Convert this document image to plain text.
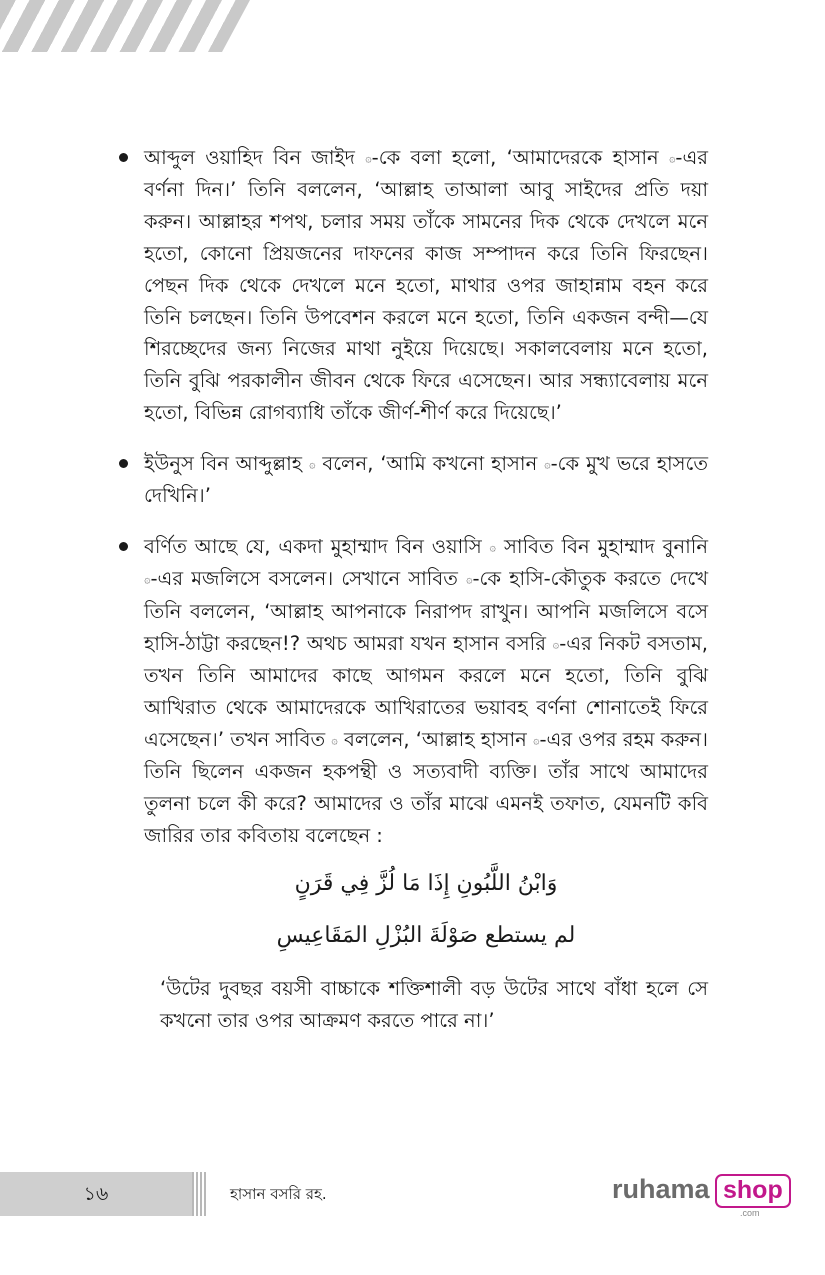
আব্দুল ওয়াহিদ বিন জাইদ ۞-কে বলা হলো, ‘আমাদেরকে হাসান ۞-এর বর্ণনা দিন।’ তিনি বললেন, ‘আল্লাহ তাআলা আবু সাইদের প্রতি দয়া করুন। আল্লাহর শপথ, চলার সময় তাঁকে সামনের দিক থেকে দেখলে মনে হতো, কোনো প্রিয়জনের দাফনের কাজ সম্পাদন করে তিনি ফিরছেন। পেছন দিক থেকে দেখলে মনে হতো, মাথার ওপর জাহান্নাম বহন করে তিনি চলছেন। তিনি উপবেশন করলে মনে হতো, তিনি একজন বন্দী—যে শিরচ্ছেদের জন্য নিজের মাথা নুইয়ে দিয়েছে। সকালবেলায় মনে হতো, তিনি বুঝি পরকালীন জীবন থেকে ফিরে এসেছেন। আর সন্ধ্যাবেলায় মনে হতো, বিভিন্ন রোগব্যাধি তাঁকে জীর্ণ-শীর্ণ করে দিয়েছে।’

ইউনুস বিন আব্দুল্লাহ ۞ বলেন, ‘আমি কখনো হাসান ۞-কে মুখ ভরে হাসতে দেখিনি।’

বর্ণিত আছে যে, একদা মুহাম্মাদ বিন ওয়াসি ۞ সাবিত বিন মুহাম্মাদ বুনানি ۞-এর মজলিসে বসলেন। সেখানে সাবিত ۞-কে হাসি-কৌতুক করতে দেখে তিনি বললেন, ‘আল্লাহ আপনাকে নিরাপদ রাখুন। আপনি মজলিসে বসে হাসি-ঠাট্টা করছেন!? অথচ আমরা যখন হাসান বসরি ۞-এর নিকট বসতাম, তখন তিনি আমাদের কাছে আগমন করলে মনে হতো, তিনি বুঝি আখিরাত থেকে আমাদেরকে আখিরাতের ভয়াবহ বর্ণনা শোনাতেই ফিরে এসেছেন।’ তখন সাবিত ۞ বললেন, ‘আল্লাহ হাসান ۞-এর ওপর রহম করুন। তিনি ছিলেন একজন হকপন্থী ও সত্যবাদী ব্যক্তি। তাঁর সাথে আমাদের তুলনা চলে কী করে? আমাদের ও তাঁর মাঝে এমনই তফাত, যেমনটি কবি জারির তার কবিতায় বলেছেন :

وَابْنُ اللَّبُونِ إِذَا مَا لُزَّ فِي قَرَنٍ

لم يستطع صَوْلَةَ البُزْلِ المَقَاعِيسِ

‘উটের দুবছর বয়সী বাচ্চাকে শক্তিশালী বড় উটের সাথে বাঁধা হলে সে কখনো তার ওপর আক্রমণ করতে পারে না।’

১৬	হাসান বসরি রহ.	ruhama shop
.com
